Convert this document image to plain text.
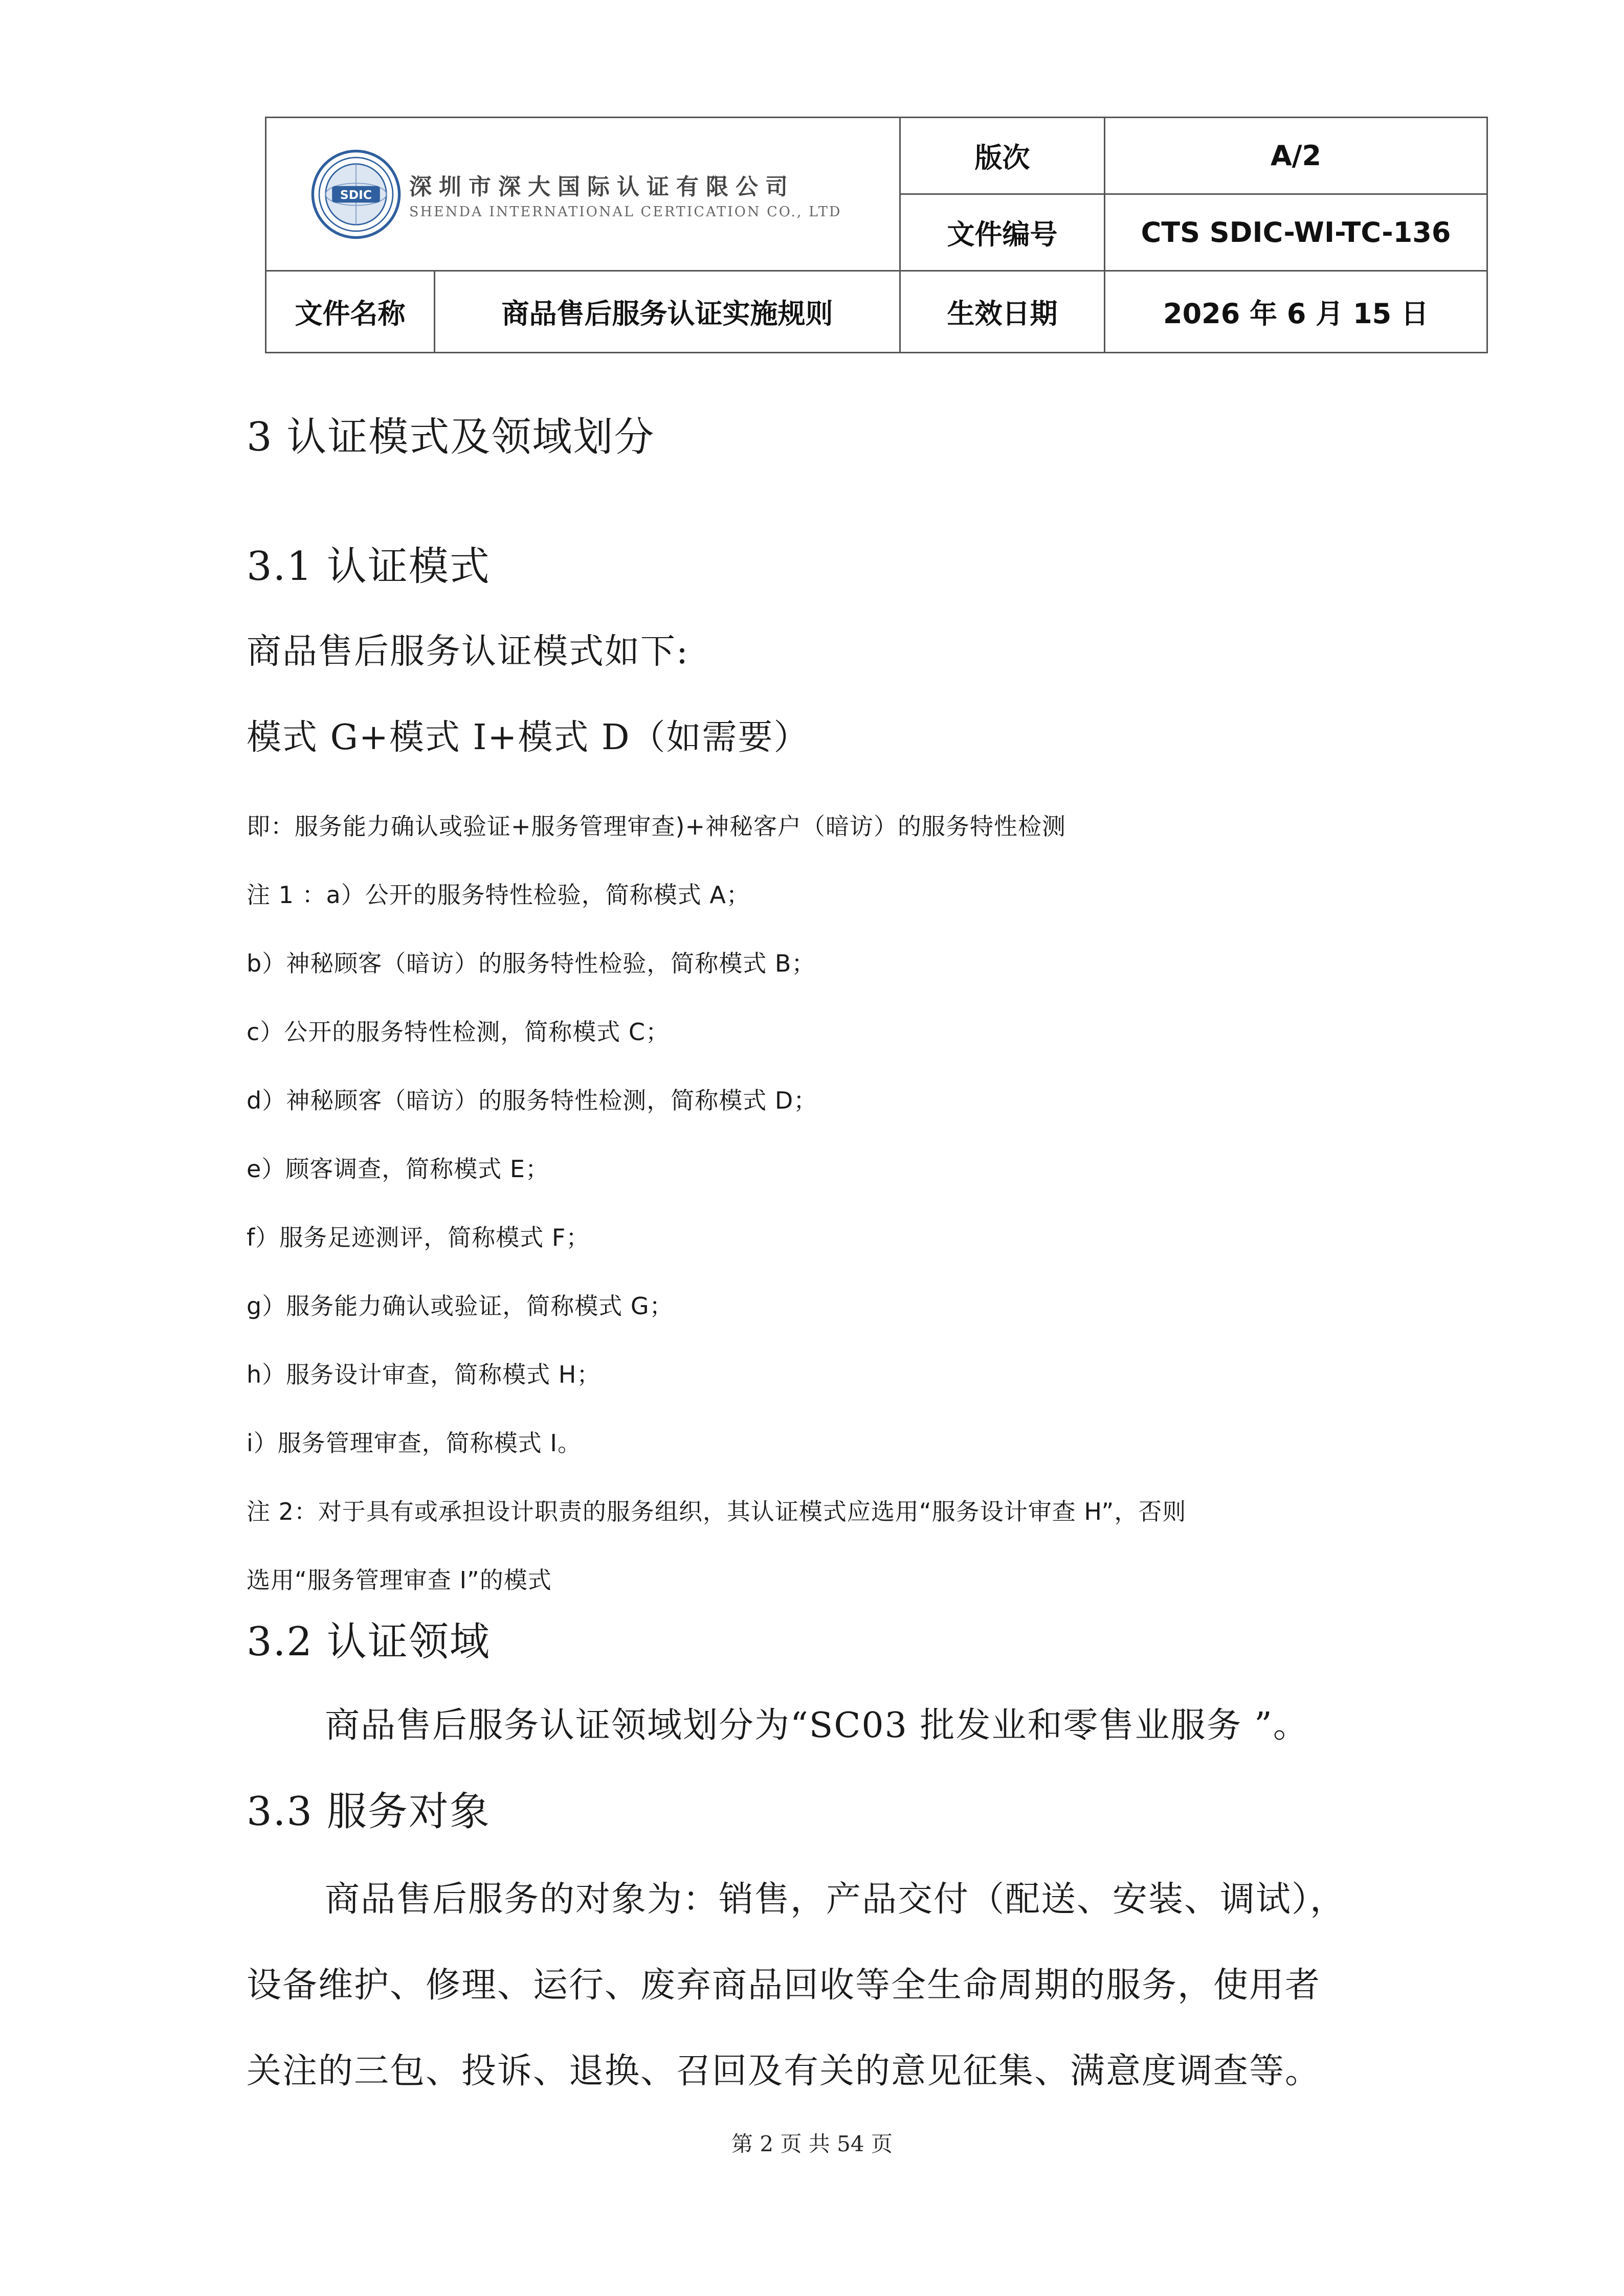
SDIC 深圳市深大国际认证有限公司
SHENDA INTERNATIONAL CERTICATION CO., LTD		版次	A/2
		文件编号	CTS SDIC-WI-TC-136
文件名称	商品售后服务认证实施规则	生效日期	2026 年 6 月 15 日
3 认证模式及领域划分
3.1 认证模式
商品售后服务认证模式如下:
模式 G+模式 I+模式 D（如需要）
即：服务能力确认或验证+服务管理审查)+神秘客户（暗访）的服务特性检测
注 1 ：a）公开的服务特性检验，简称模式 A；
b）神秘顾客（暗访）的服务特性检验，简称模式 B；
c）公开的服务特性检测，简称模式 C；
d）神秘顾客（暗访）的服务特性检测，简称模式 D；
e）顾客调查，简称模式 E；
f）服务足迹测评，简称模式 F；
g）服务能力确认或验证，简称模式 G；
h）服务设计审查，简称模式 H；
i）服务管理审查，简称模式 I。
注 2：对于具有或承担设计职责的服务组织，其认证模式应选用“服务设计审查 H”，否则
选用“服务管理审查 I”的模式
3.2 认证领域
商品售后服务认证领域划分为“SC03 批发业和零售业服务 ”。
3.3 服务对象
商品售后服务的对象为：销售，产品交付（配送、安装、调试），
设备维护、修理、运行、废弃商品回收等全生命周期的服务，使用者
关注的三包、投诉、退换、召回及有关的意见征集、满意度调查等。
第 2 页 共 54 页
